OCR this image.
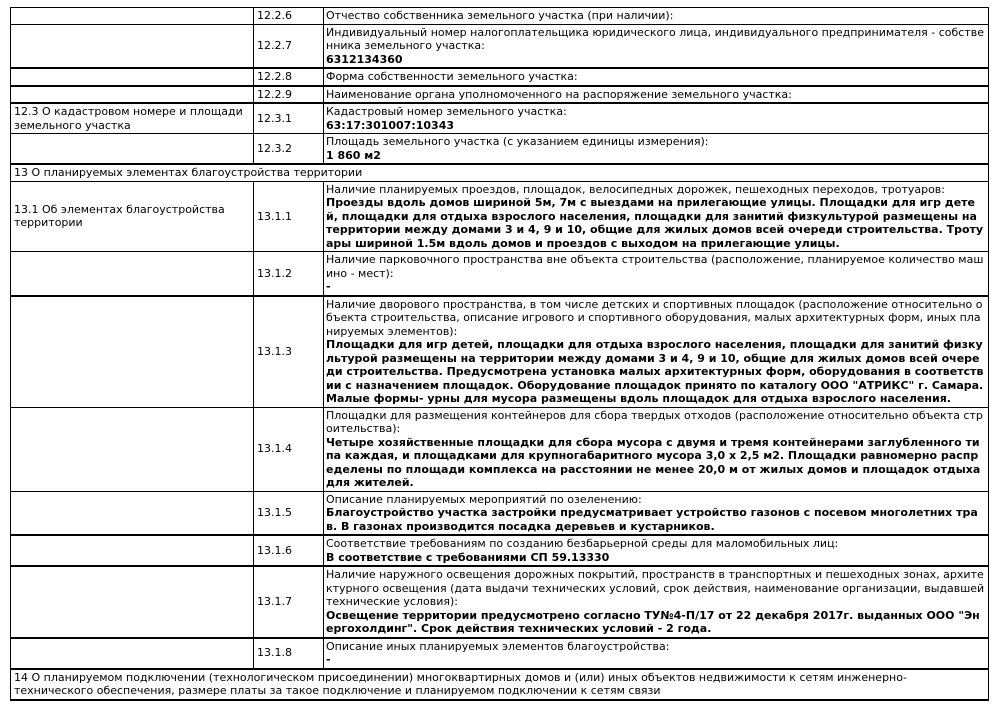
	12.2.6	Отчество собственника земельного участка (при наличии):

	12.2.7	Индивидуальный номер налогоплательщика юридического лица, индивидуального предпринимателя - собственника земельного участка:
6312134360

	12.2.8	Форма собственности земельного участка:

	12.2.9	Наименование органа уполномоченного на распоряжение земельного участка:

12.3 О кадастровом номере и площади земельного участка	12.3.1	Кадастровый номер земельного участка:
63:17:301007:10343

	12.3.2	Площадь земельного участка (с указанием единицы измерения):
1 860 м2

13 О планируемых элементах благоустройства территории		
13.1 Об элементах благоустройства территории	13.1.1	Наличие планируемых проездов, площадок, велосипедных дорожек, пешеходных переходов, тротуаров:
Проезды вдоль домов шириной 5м, 7м с выездами на прилегающие улицы. Площадки для игр детей, площадки для отдыха взрослого населения, площадки для занитий физкультурой размещены на территории между домами 3 и 4, 9 и 10, общие для жилых домов всей очереди строительства. Тротуары шириной 1.5м вдоль домов и проездов с выходом на прилегающие улицы.

	13.1.2	Наличие парковочного пространства вне объекта строительства (расположение, планируемое количество машино - мест):
-

	13.1.3	Наличие дворового пространства, в том числе детских и спортивных площадок (расположение относительно объекта строительства, описание игрового и спортивного оборудования, малых архитектурных форм, иных планируемых элементов):
Площадки для игр детей, площадки для отдыха взрослого населения, площадки для занитий физкультурой размещены на территории между домами 3 и 4, 9 и 10, общие для жилых домов всей очереди строительства. Предусмотрена установка малых архитектурных форм, оборудования в соответствии с назначением площадок. Оборудование площадок принято по каталогу ООО "АТРИКС" г. Самара. Малые формы- урны для мусора размещены вдоль площадок для отдыха взрослого населения.

	13.1.4	Площадки для размещения контейнеров для сбора твердых отходов (расположение относительно объекта строительства):
Четыре хозяйственные площадки для сбора мусора с двумя и тремя контейнерами заглубленного типа каждая, и площадками для крупногабаритного мусора 3,0 х 2,5 м2. Площадки равномерно распределены по площади комплекса на расстоянии не менее 20,0 м от жилых домов и площадок отдыха для жителей.

	13.1.5	Описание планируемых мероприятий по озеленению:
Благоустройство участка застройки предусматривает устройство газонов с посевом многолетних трав. В газонах производится посадка деревьев и кустарников.

	13.1.6	Соответствие требованиям по созданию безбарьерной среды для маломобильных лиц:
В соответствие с требованиями СП 59.13330

	13.1.7	Наличие наружного освещения дорожных покрытий, пространств в транспортных и пешеходных зонах, архитектурного освещения (дата выдачи технических условий, срок действия, наименование организации, выдавшей технические условия):
Освещение территории предусмотрено согласно ТУ№4-П/17 от 22 декабря 2017г. выданных ООО "Энергохолдинг". Срок действия технических условий - 2 года.

	13.1.8	Описание иных планируемых элементов благоустройства:
-

14 О планируемом подключении (технологическом присоединении) многоквартирных домов и (или) иных объектов недвижимости к сетям инженерно-технического обеспечения, размере платы за такое подключение и планируемом подключении к сетям связи		
